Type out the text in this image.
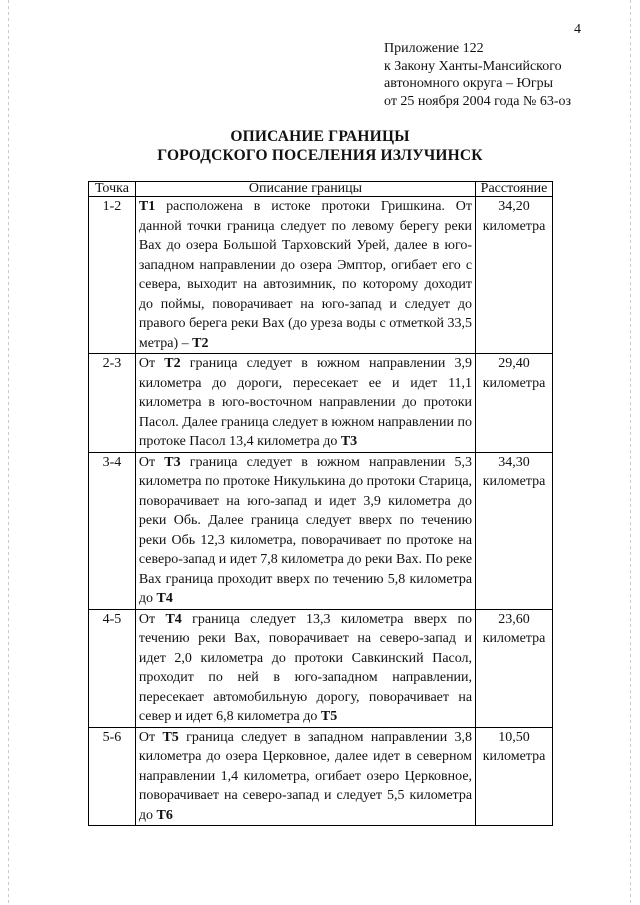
4
Приложение 122
к Закону Ханты-Мансийского
автономного округа – Югры
от 25 ноября 2004 года № 63-оз
ОПИСАНИЕ ГРАНИЦЫ
ГОРОДСКОГО ПОСЕЛЕНИЯ ИЗЛУЧИНСК
Точка	Описание границы	Расстояние
1-2	Т1 расположена в истоке протоки Гришкина. От данной точки граница следует по левому берегу реки Вах до озера Большой Тарховский Урей, далее в юго-западном направлении до озера Эмптор, огибает его с севера, выходит на автозимник, по которому доходит до поймы, поворачивает на юго-запад и следует до правого берега реки Вах (до уреза воды с отметкой 33,5 метра) – Т2	34,20
километра

2-3	От Т2 граница следует в южном направлении 3,9 километра до дороги, пересекает ее и идет 11,1 километра в юго-восточном направлении до протоки Пасол. Далее граница следует в южном направлении по протоке Пасол 13,4 километра до Т3	29,40
километра

3-4	От Т3 граница следует в южном направлении 5,3 километра по протоке Никулькина до протоки Старица, поворачивает на юго-запад и идет 3,9 километра до реки Обь. Далее граница следует вверх по течению реки Обь 12,3 километра, поворачивает по протоке на северо-запад и идет 7,8 километра до реки Вах. По реке Вах граница проходит вверх по течению 5,8 километра до Т4	34,30
километра

4-5	От Т4 граница следует 13,3 километра вверх по течению реки Вах, поворачивает на северо-запад и идет 2,0 километра до протоки Савкинский Пасол, проходит по ней в юго-западном направлении, пересекает автомобильную дорогу, поворачивает на север и идет 6,8 километра до Т5	23,60
километра

5-6	От Т5 граница следует в западном направлении 3,8 километра до озера Церковное, далее идет в северном направлении 1,4 километра, огибает озеро Церковное, поворачивает на северо-запад и следует 5,5 километра до Т6	10,50
километра
